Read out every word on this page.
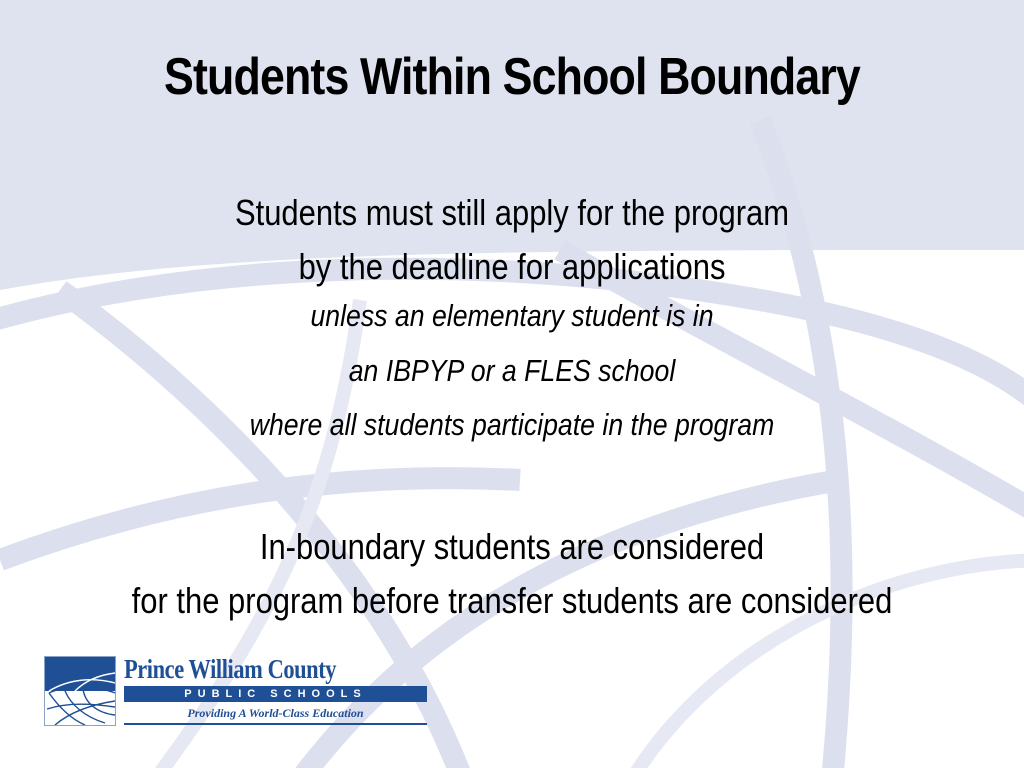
Students Within School Boundary
Students must still apply for the program
by the deadline for applications
unless an elementary student is in
an IBPYP or a FLES school
where all students participate in the program
In-boundary students are considered
for the program before transfer students are considered
Prince William County
PUBLIC SCHOOLS
Providing A World-Class Education
